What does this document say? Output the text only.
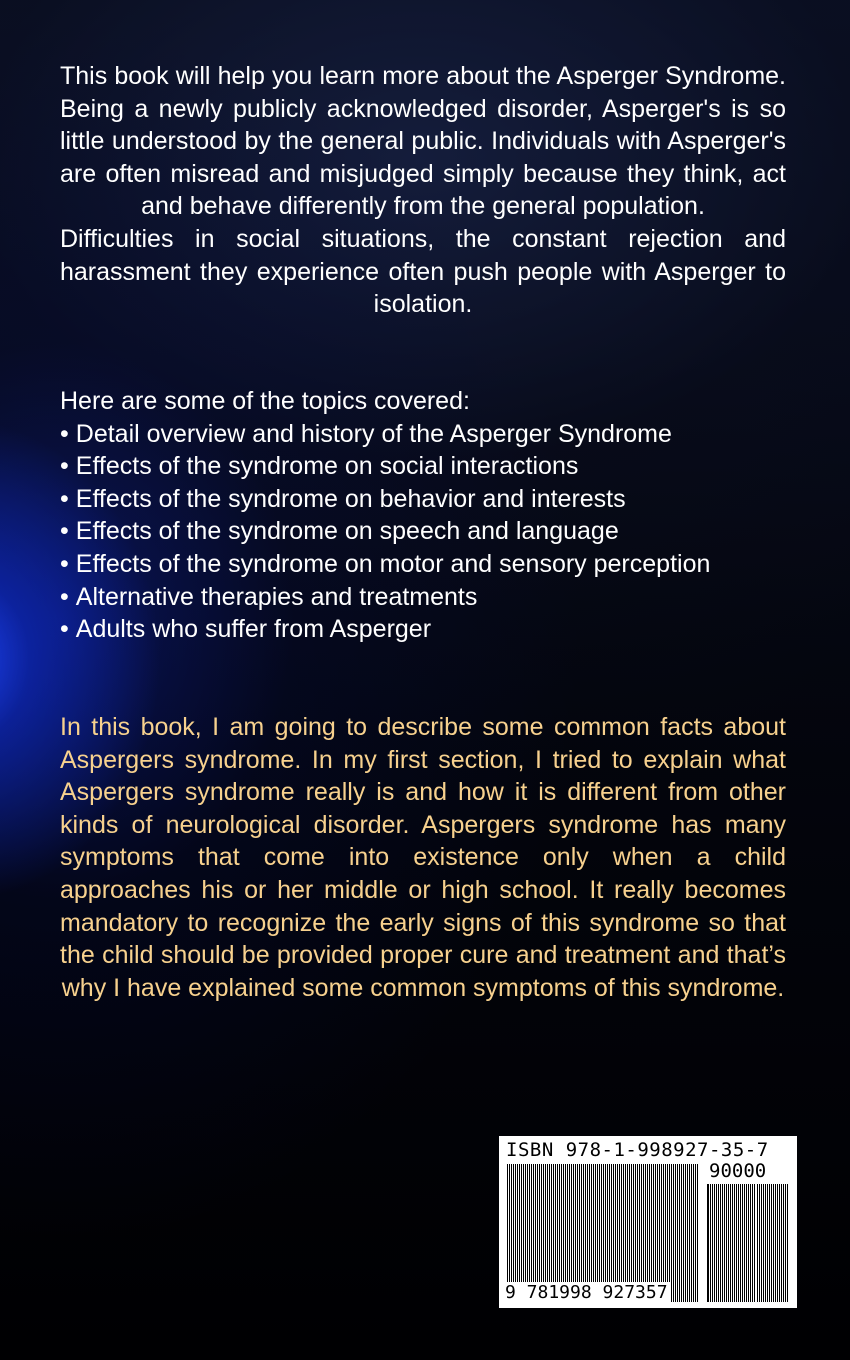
This book will help you learn more about the Asperger Syndrome. Being a newly publicly acknowledged disorder, Asperger's is so little understood by the general public. Individuals with Asperger's are often misread and misjudged simply because they think, act and behave differently from the general population.

Difficulties in social situations, the constant rejection and harassment they experience often push people with Asperger to isolation.

Here are some of the topics covered:

• Detail overview and history of the Asperger Syndrome
• Effects of the syndrome on social interactions
• Effects of the syndrome on behavior and interests
• Effects of the syndrome on speech and language
• Effects of the syndrome on motor and sensory perception
• Alternative therapies and treatments
• Adults who suffer from Asperger

In this book, I am going to describe some common facts about Aspergers syndrome. In my first section, I tried to explain what Aspergers syndrome really is and how it is different from other kinds of neurological disorder. Aspergers syndrome has many symptoms that come into existence only when a child approaches his or her middle or high school. It really becomes mandatory to recognize the early signs of this syndrome so that the child should be provided proper cure and treatment and that’s why I have explained some common symptoms of this syndrome.

ISBN 978-1-998927-35-7
90000
9 781998 927357
